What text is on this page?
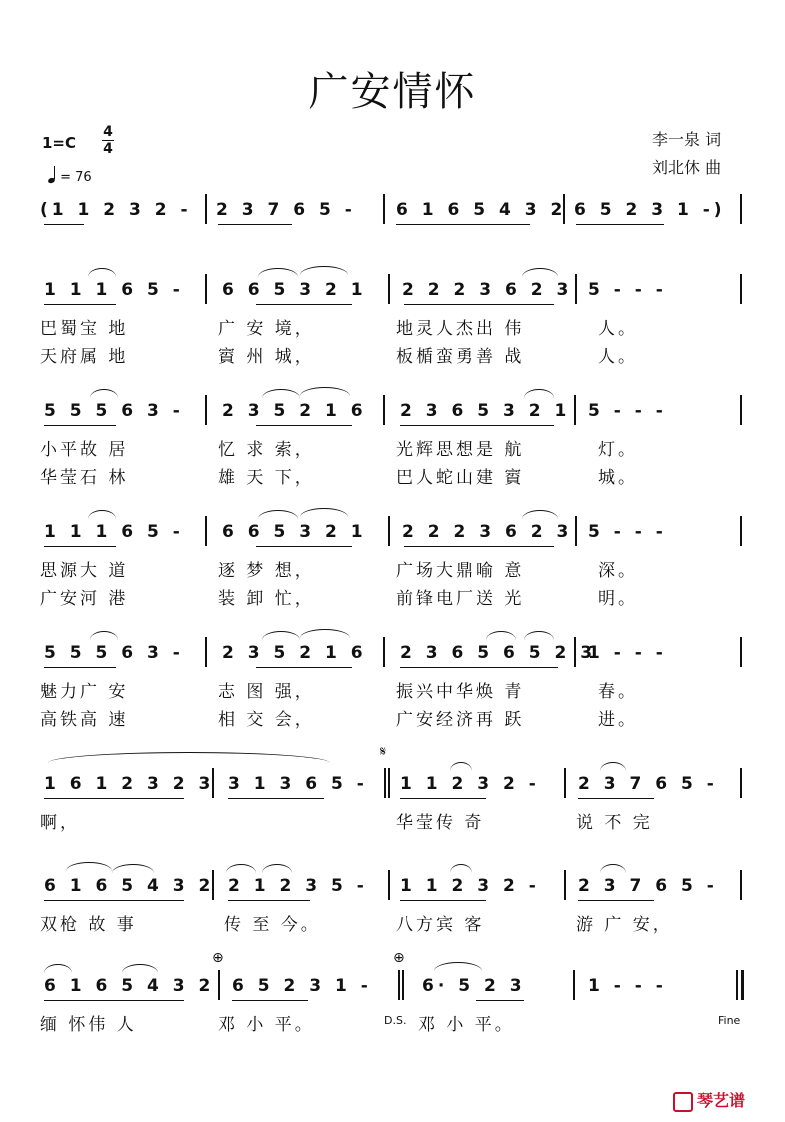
广安情怀
1=C
4
4
= 76
李一泉 词
刘北休 曲

(1 1 2 3 2 -

2 3 7 6 5 -

6 1 6 5 4 3 2

6 5 2 3 1 -)

1 1 1 6 5 -

6 6 5 3 2 1

2 2 2 3 6 2 3

5 - - -

巴蜀宝 地

	广 安 境，

	地灵人杰出 伟

	人。

天府属 地

	賨 州 城，

	板楯蛮勇善 战

	人。

5 5 5 6 3 -

2 3 5 2 1 6

2 3 6 5 3 2 1

5 - - -

小平故 居

	忆 求 索，

	光辉思想是 航

	灯。

华莹石 林

	雄 天 下，

	巴人蛇山建 賨

	城。

1 1 1 6 5 -

6 6 5 3 2 1

2 2 2 3 6 2 3

5 - - -

思源大 道

	逐 梦 想，

	广场大鼎喻 意

	深。

广安河 港

	装 卸 忙，

	前锋电厂送 光

	明。

5 5 5 6 3 -

2 3 5 2 1 6

2 3 6 5 6 5 2 3

1 - - -

魅力广 安

	志 图 强，

	振兴中华焕 青

	春。

高铁高 速

	相 交 会，

	广安经济再 跃

	进。

𝄋

1 6 1 2 3 2 3

3 1 3 6 5 -

1 1 2 3 2 -

2 3 7 6 5 -

啊，

	华莹传 奇

	说 不 完

6 1 6 5 4 3 2

2 1 2 3 5 -

1 1 2 3 2 -

2 3 7 6 5 -

双枪 故 事

	传 至 今。

	八方宾 客

	游 广 安，

⊕	⊕

6 1 6 5 4 3 2

6 5 2 3 1 -

	6· 5 2 3

	1 - - -

缅 怀伟 人

	邓 小 平。

	邓 小 平。

D.S.	Fine
琴艺谱
